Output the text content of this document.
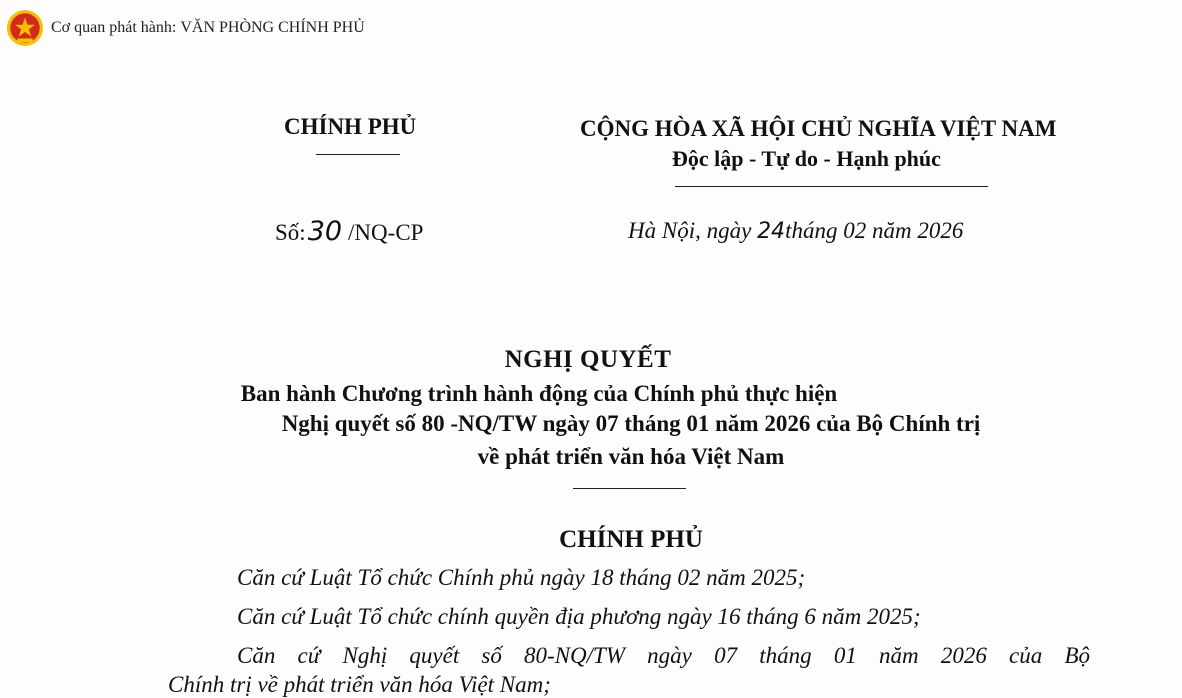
Cơ quan phát hành: VĂN PHÒNG CHÍNH PHỦ
CHÍNH PHỦ	CỘNG HÒA XÃ HỘI CHỦ NGHĨA VIỆT NAM
Độc lập - Tự do - Hạnh phúc
Số:30 /NQ-CP	Hà Nội, ngày 24tháng 02 năm 2026
NGHỊ QUYẾT
Ban hành Chương trình hành động của Chính phủ thực hiện
Nghị quyết số 80 -NQ/TW ngày 07 tháng 01 năm 2026 của Bộ Chính trị
về phát triển văn hóa Việt Nam
CHÍNH PHỦ
Căn cứ Luật Tổ chức Chính phủ ngày 18 tháng 02 năm 2025;
Căn cứ Luật Tổ chức chính quyền địa phương ngày 16 tháng 6 năm 2025;
Căn cứ Nghị quyết số 80-NQ/TW ngày 07 tháng 01 năm 2026 của Bộ
Chính trị về phát triển văn hóa Việt Nam;
